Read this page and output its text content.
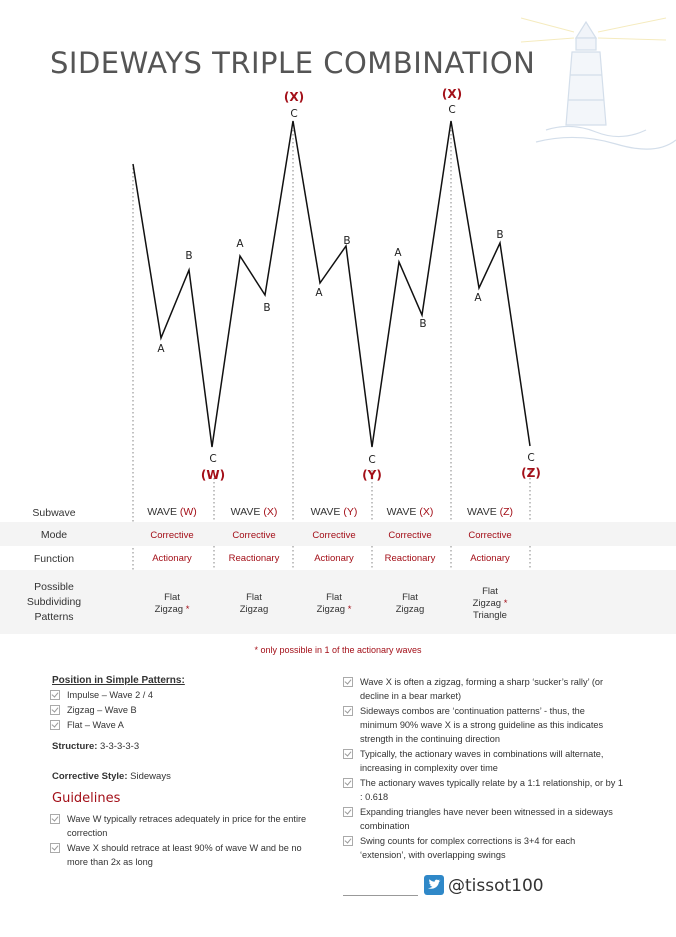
SIDEWAYS TRIPLE COMBINATION
A
B
C
(W)
A
B
C
(X)
A
B
C
(Y)
A
B
C
(X)
A
B
C
(Z)
Subwave
Mode
Function
Possible
Subdividing
Patterns
WAVE (W)
Corrective
Actionary
Flat
Zigzag *
WAVE (X)
Corrective
Reactionary
Flat
Zigzag
WAVE (Y)
Corrective
Actionary
Flat
Zigzag *
WAVE (X)
Corrective
Reactionary
Flat
Zigzag
WAVE (Z)
Corrective
Actionary
Flat
Zigzag *
Triangle
* only possible in 1 of the actionary waves
Position in Simple Patterns:
Impulse – Wave 2 / 4
Zigzag – Wave B
Flat – Wave A
Structure: 3-3-3-3-3
Corrective Style: Sideways
Guidelines
Wave W typically retraces adequately in price for the entire correction
Wave X should retrace at least 90% of wave W and be no more than 2x as long
Wave X is often a zigzag, forming a sharp ‘sucker’s rally’ (or decline in a bear market)
Sideways combos are ‘continuation patterns’ - thus, the minimum 90% wave X is a strong guideline as this indicates strength in the continuing direction
Typically, the actionary waves in combinations will alternate, increasing in complexity over time
The actionary waves typically relate by a 1:1 relationship, or by 1 : 0.618
Expanding triangles have never been witnessed in a sideways combination
Swing counts for complex corrections is 3+4 for each ‘extension’, with overlapping swings
@tissot100
